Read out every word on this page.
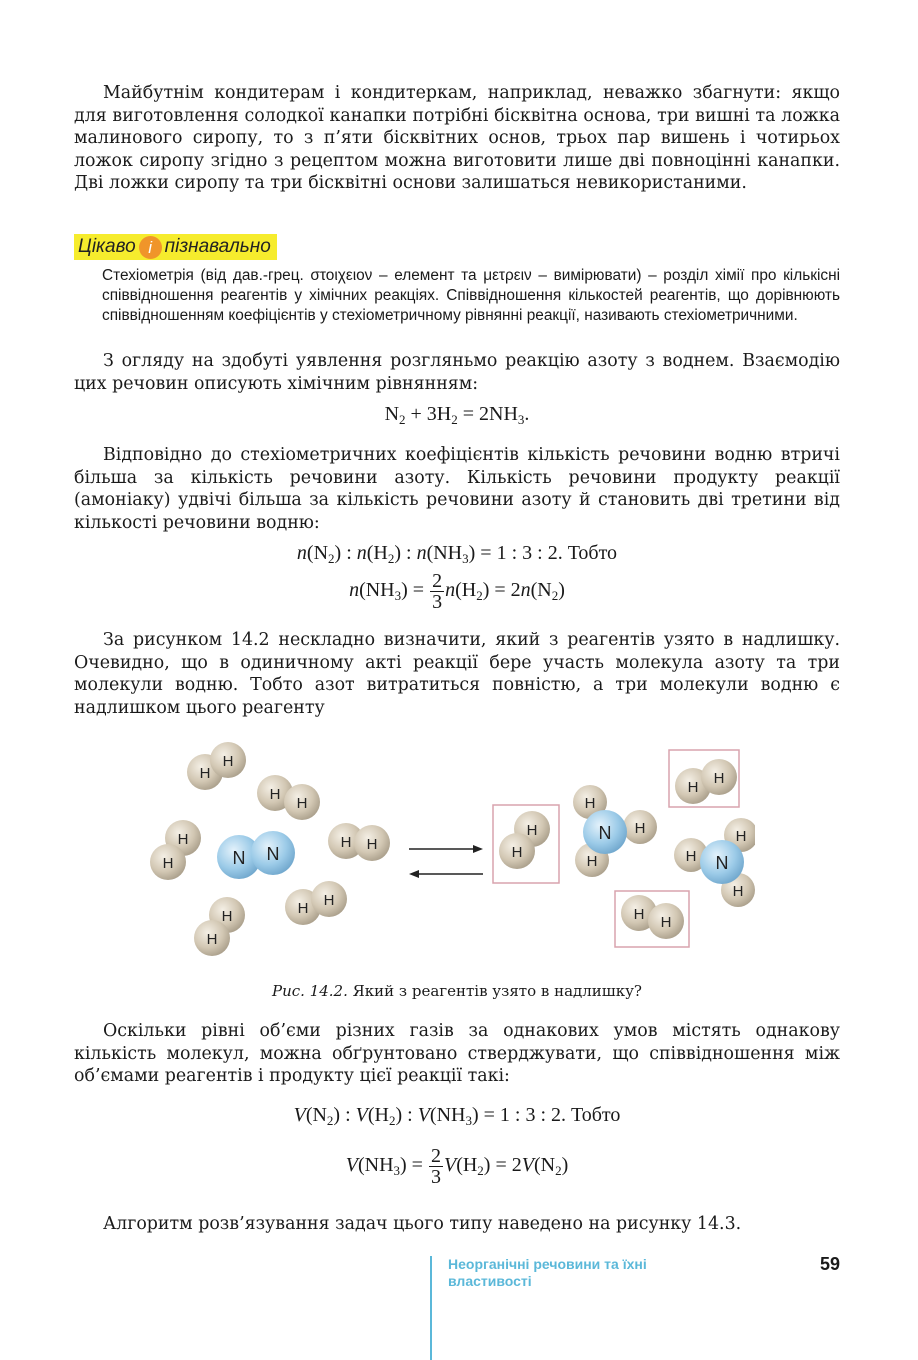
Майбутнім кондитерам і кондитеркам, наприклад, неважко збагнути: якщо для виготовлення солодкої канапки потрібні бісквітна основа, три вишні та ложка малинового сиропу, то з п’яти бісквітних основ, трьох пар вишень і чотирьох ложок сиропу згідно з рецептом можна виготовити лише дві повноцінні канапки. Дві ложки сиропу та три бісквітні основи залишаться невикористаними.

Цікаво і пізнавально

Стехіометрія (від дав.-грец. στοιχειον – елемент та μετρειν – вимірювати) – розділ хімії про кількісні співвідношення реагентів у хімічних реакціях. Співвідношення кількостей реагентів, що дорівнюють співвідношенням коефіцієнтів у стехіометричному рівнянні реакції, називають стехіометричними.

З огляду на здобуті уявлення розгляньмо реакцію азоту з воднем. Взаємодію цих речовин описують хімічним рівнянням:

$N_2 + 3H_2 = 2NH_3$.

Відповідно до стехіометричних коефіцієнтів кількість речовини водню втричі більша за кількість речовини азоту. Кількість речовини продукту реакції (амоніаку) удвічі більша за кількість речовини азоту й становить дві третини від кількості речовини водню:

$n(N_2)$ : $n(H_2)$ : $n(NH_3) = 1$ : 3 : 2. Тобто
$n(NH_3) = \frac{2}{3} n(H_2) = 2n(N_2)$

За рисунком 14.2 нескладно визначити, який з реагентів узято в надлишку. Очевидно, що в одиничному акті реакції бере участь молекула азоту та три молекули водню. Тобто азот витратиться повністю, а три молекули водню є надлишком цього реагенту

H
H
H
H
H
H	N N
H H
H H
H
H
H
H
H
H
H
N
H
H
H
H
H
N
H H
Рис. 14.2. Який з реагентів узято в надлишку?

Оскільки рівні об’єми різних газів за однакових умов містять однакову кількість молекул, можна обґрунтовано стверджувати, що співвідношення між об’ємами реагентів і продукту цієї реакції такі:

$V(N_2)$ : $V(H_2)$ : $V(NH_3) = 1$ : 3 : 2. Тобто
$V(NH_3) = \frac{2}{3} V(H_2) = 2V(N_2)$

Алгоритм розв’язування задач цього типу наведено на рисунку 14.3.

Неорганічні речовини та їхні властивості
59
